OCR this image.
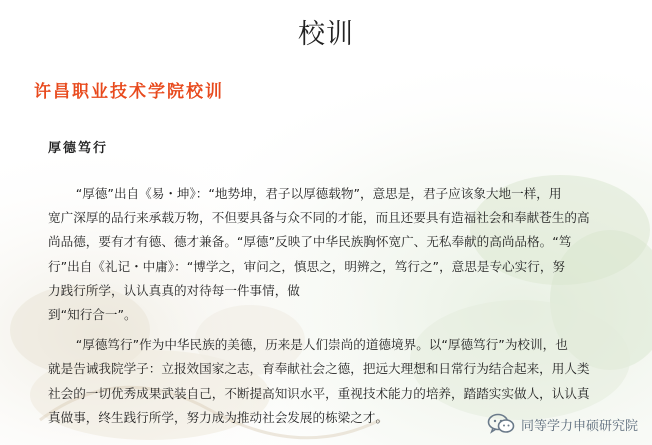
校训
许昌职业技术学院校训
厚德笃行

“厚德”出自《易・坤》：“地势坤，君子以厚德载物”，意思是，君子应该象大地一样，用

宽广深厚的品行来承载万物，不但要具备与众不同的才能，而且还要具有造福社会和奉献苍生的高

尚品德，要有才有德、德才兼备。“厚德”反映了中华民族胸怀宽广、无私奉献的高尚品格。“笃

行”出自《礼记・中庸》：“博学之，审问之，慎思之，明辨之，笃行之”，意思是专心实行，努

力践行所学，认认真真的对待每一件事情，做

到“知行合一”。

“厚德笃行”作为中华民族的美德，历来是人们崇尚的道德境界。以“厚德笃行”为校训，也

就是告诫我院学子：立报效国家之志，育奉献社会之德，把远大理想和日常行为结合起来，用人类

社会的一切优秀成果武装自己，不断提高知识水平，重视技术能力的培养，踏踏实实做人，认认真

真做事，终生践行所学，努力成为推动社会发展的栋梁之才。

同等学力申硕研究院
